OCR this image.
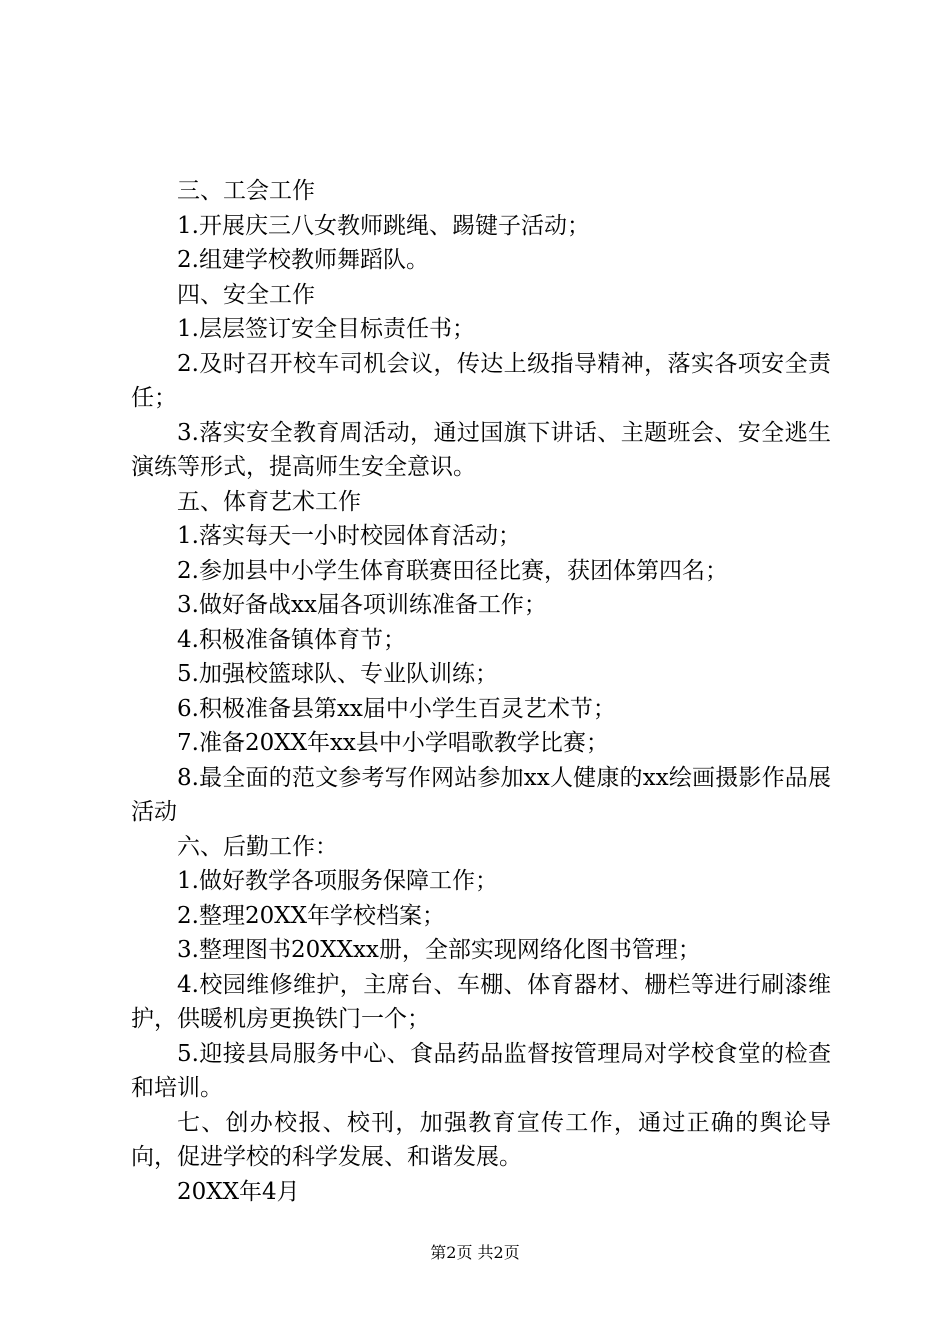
三、工会工作

1.开展庆三八女教师跳绳、踢键子活动；

2.组建学校教师舞蹈队。

四、安全工作

1.层层签订安全目标责任书；

2.及时召开校车司机会议，传达上级指导精神，落实各项安全责任；

3.落实安全教育周活动，通过国旗下讲话、主题班会、安全逃生演练等形式，提高师生安全意识。

五、体育艺术工作

1.落实每天一小时校园体育活动；

2.参加县中小学生体育联赛田径比赛，获团体第四名；

3.做好备战xx届各项训练准备工作；

4.积极准备镇体育节；

5.加强校篮球队、专业队训练；

6.积极准备县第xx届中小学生百灵艺术节；

7.准备20XX年xx县中小学唱歌教学比赛；

8.最全面的范文参考写作网站参加xx人健康的xx绘画摄影作品展活动

六、后勤工作：

1.做好教学各项服务保障工作；

2.整理20XX年学校档案；

3.整理图书20XXxx册，全部实现网络化图书管理；

4.校园维修维护，主席台、车棚、体育器材、栅栏等进行刷漆维护，供暖机房更换铁门一个；

5.迎接县局服务中心、食品药品监督按管理局对学校食堂的检查和培训。

七、创办校报、校刊，加强教育宣传工作，通过正确的舆论导向，促进学校的科学发展、和谐发展。

20XX年4月

第2页 共2页
